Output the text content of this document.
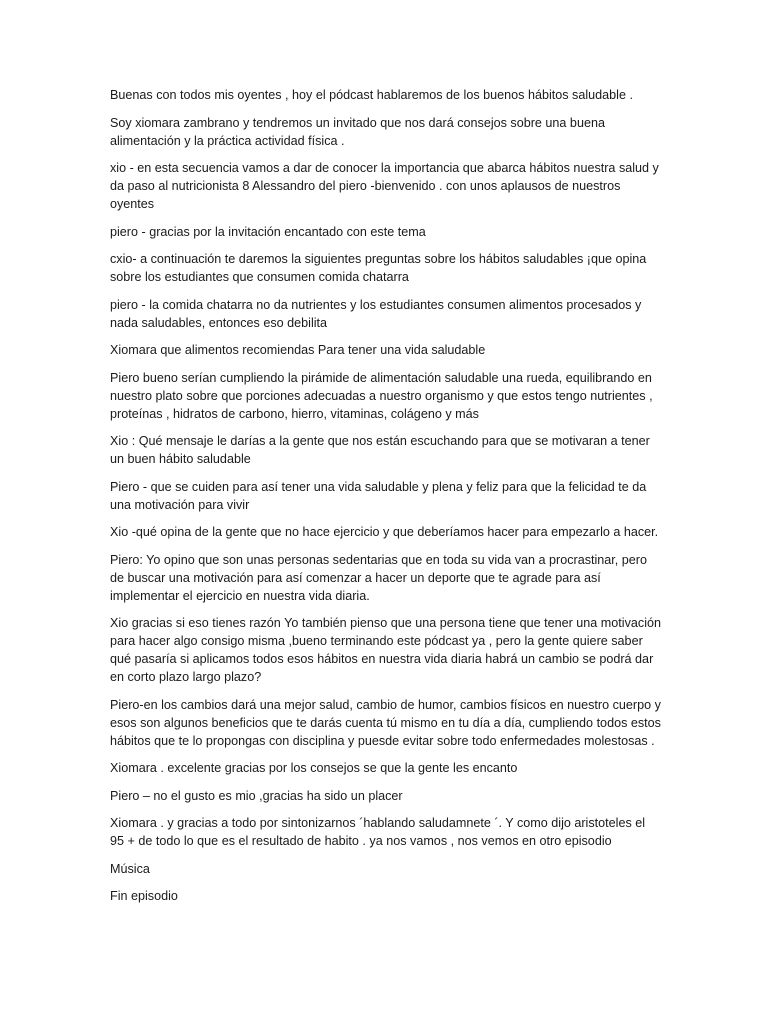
Buenas con todos mis oyentes , hoy el pódcast hablaremos de los buenos hábitos saludable .

Soy xiomara zambrano y tendremos un invitado que nos dará consejos sobre una buena alimentación y la práctica actividad física .

xio - en esta secuencia vamos a dar de conocer la importancia que abarca hábitos nuestra salud y da paso al nutricionista 8 Alessandro del piero -bienvenido . con unos aplausos de nuestros oyentes

piero - gracias por la invitación encantado con este tema

cxio- a continuación te daremos la siguientes preguntas sobre los hábitos saludables ¡que opina sobre los estudiantes que consumen comida chatarra

piero - la comida chatarra no da nutrientes y los estudiantes consumen alimentos procesados y nada saludables, entonces eso debilita

Xiomara que alimentos recomiendas Para tener una vida saludable

Piero bueno serían cumpliendo la pirámide de alimentación saludable una rueda, equilibrando en nuestro plato sobre que porciones adecuadas a nuestro organismo y que estos tengo nutrientes , proteínas , hidratos de carbono, hierro, vitaminas, colágeno y más

Xio : Qué mensaje le darías a la gente que nos están escuchando para que se motivaran a tener un buen hábito saludable

Piero - que se cuiden para así tener una vida saludable y plena y feliz para que la felicidad te da una motivación para vivir

Xio -qué opina de la gente que no hace ejercicio y que deberíamos hacer para empezarlo a hacer.

Piero: Yo opino que son unas personas sedentarias que en toda su vida van a procrastinar, pero de buscar una motivación para así comenzar a hacer un deporte que te agrade para así implementar el ejercicio en nuestra vida diaria.

Xio gracias si eso tienes razón Yo también pienso que una persona tiene que tener una motivación para hacer algo consigo misma ,bueno terminando este pódcast ya , pero la gente quiere saber qué pasaría si aplicamos todos esos hábitos en nuestra vida diaria habrá un cambio se podrá dar en corto plazo largo plazo?

Piero-en los cambios dará una mejor salud, cambio de humor, cambios físicos en nuestro cuerpo y esos son algunos beneficios que te darás cuenta tú mismo en tu día a día, cumpliendo todos estos hábitos que te lo propongas con disciplina y puesde evitar sobre todo enfermedades molestosas .

Xiomara . excelente gracias por los consejos se que la gente les encanto

Piero – no el gusto es mio ,gracias ha sido un placer

Xiomara . y gracias a todo por sintonizarnos ´hablando saludamnete ´. Y como dijo aristoteles el 95 + de todo lo que es el resultado de habito . ya nos vamos , nos vemos en otro episodio

Música

Fin episodio
